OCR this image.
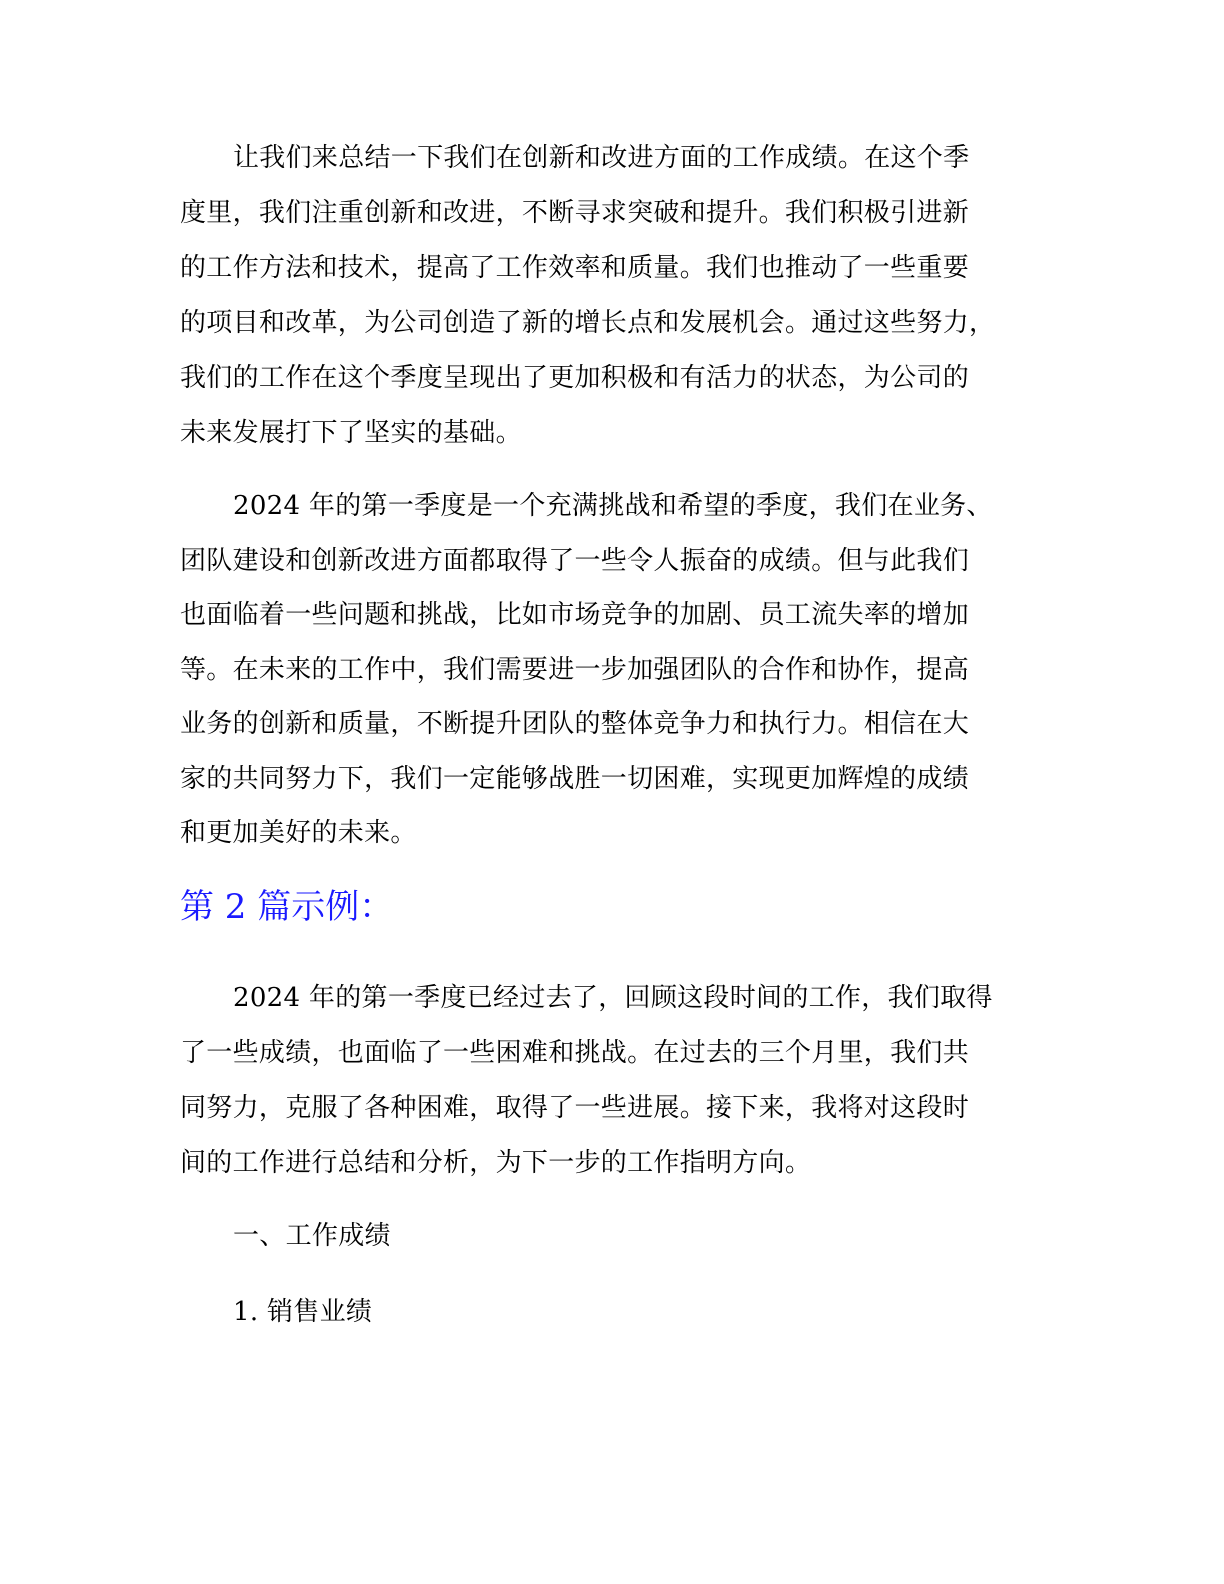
让我们来总结一下我们在创新和改进方面的工作成绩。在这个季
度里，我们注重创新和改进，不断寻求突破和提升。我们积极引进新
的工作方法和技术，提高了工作效率和质量。我们也推动了一些重要
的项目和改革，为公司创造了新的增长点和发展机会。通过这些努力，
我们的工作在这个季度呈现出了更加积极和有活力的状态，为公司的
未来发展打下了坚实的基础。
2024 年的第一季度是一个充满挑战和希望的季度，我们在业务、
团队建设和创新改进方面都取得了一些令人振奋的成绩。但与此我们
也面临着一些问题和挑战，比如市场竞争的加剧、员工流失率的增加
等。在未来的工作中，我们需要进一步加强团队的合作和协作，提高
业务的创新和质量，不断提升团队的整体竞争力和执行力。相信在大
家的共同努力下，我们一定能够战胜一切困难，实现更加辉煌的成绩
和更加美好的未来。
第 2 篇示例：
2024 年的第一季度已经过去了，回顾这段时间的工作，我们取得
了一些成绩，也面临了一些困难和挑战。在过去的三个月里，我们共
同努力，克服了各种困难，取得了一些进展。接下来，我将对这段时
间的工作进行总结和分析，为下一步的工作指明方向。
一、工作成绩
1. 销售业绩
